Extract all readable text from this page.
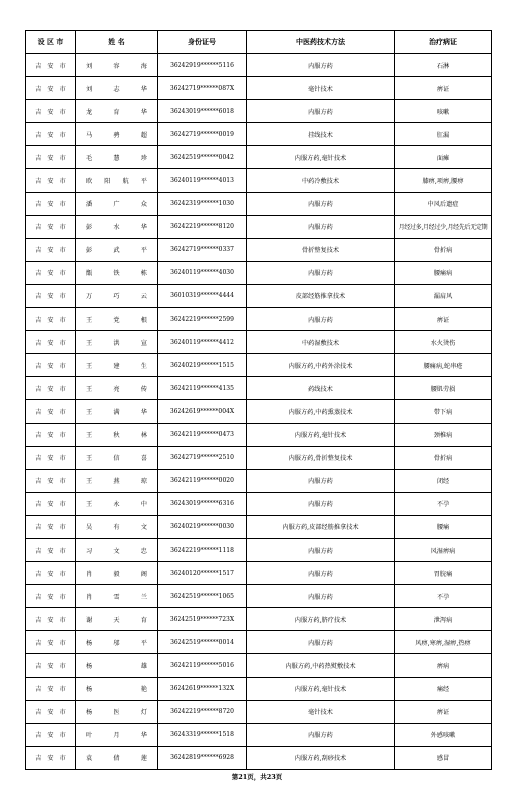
设 区 市	姓 名	身份证号	中医药技术方法	治疗病证
吉安市	刘容海	36242919******5116	内服方药	石淋
吉安市	刘志华	36242719******087X	毫针技术	痹证
吉安市	龙育华	36243019******6018	内服方药	咳嗽
吉安市	马骋超	36242719******0019	挂线技术	肛漏
吉安市	毛慧珍	36242519******0042	内服方药,毫针技术	面瘫
吉安市	欧阳航平	36240119******4013	中药冷敷技术	膝痹,项痹,腰痹
吉安市	潘广众	36242319******1030	内服方药	中风后遗症
吉安市	彭水华	36242219******8120	内服方药	月经过多,月经过少,月经先后无定期
吉安市	彭武平	36242719******0337	骨折整复技术	骨折病
吉安市	甑铁栋	36240119******4030	内服方药	腰痛病
吉安市	万巧云	36010319******4444	皮部经筋推拿技术	漏肩风
吉安市	王党根	36242219******2599	内服方药	痹证
吉安市	王洪宣	36240119******4412	中药湿敷技术	水火烫伤
吉安市	王建生	36240219******1515	内服方药,中药外涂技术	腰痛病,蛇串疮
吉安市	王亮传	36242119******4135	药线技术	腰肌劳损
吉安市	王满华	36242619******004X	内服方药,中药熏蒸技术	带下病
吉安市	王秋林	36242119******0473	内服方药,毫针技术	颈椎病
吉安市	王信喜	36242719******2510	内服方药,骨折整复技术	骨折病
吉安市	王燕琼	36242119******0020	内服方药	闭经
吉安市	王永中	36243019******6316	内服方药	不孕
吉安市	吴有文	36240219******0030	内服方药,皮部经筋推拿技术	腰痛
吉安市	习文忠	36242219******1118	内服方药	风湿痹病
吉安市	肖毅阁	36240120******1517	内服方药	胃脘痛
吉安市	肖雪兰	36242519******1065	内服方药	不孕
吉安市	谢天育	36242519******723X	内服方药,脐疗技术	泄泻病
吉安市	杨邬平	36242519******0014	内服方药	风痹,寒痹,湿痹,热痹
吉安市	杨雄	36242119******5016	内服方药,中药热熨敷技术	痹病
吉安市	杨艳	36242619******132X	内服方药,毫针技术	痛经
吉安市	杨医灯	36242219******8720	毫针技术	痹证
吉安市	叶月华	36243319******1518	内服方药	外感咳嗽
吉安市	袁倩莲	36242819******6928	内服方药,刮痧技术	感冒
第21页，共23页
